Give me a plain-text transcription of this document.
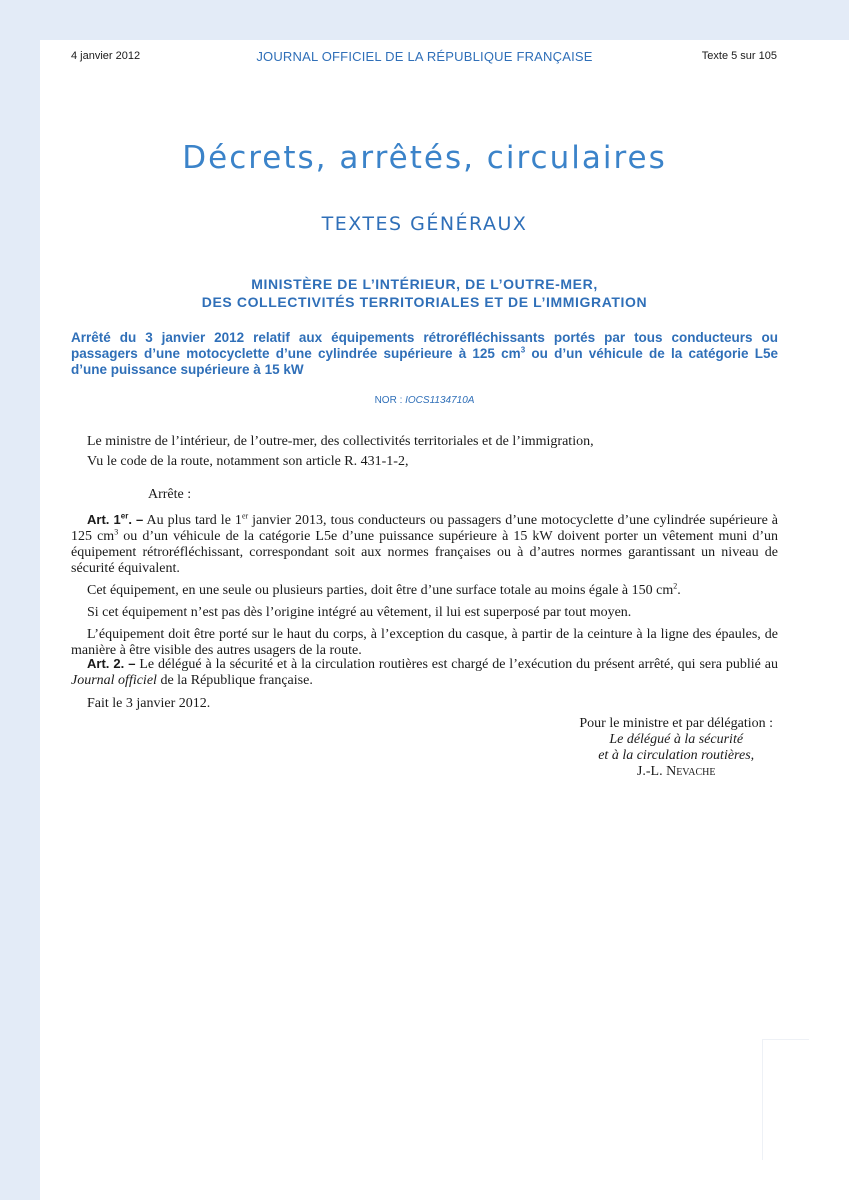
4 janvier 2012	JOURNAL OFFICIEL DE LA RÉPUBLIQUE FRANÇAISE	Texte 5 sur 105
Décrets, arrêtés, circulaires
TEXTES GÉNÉRAUX
MINISTÈRE DE L’INTÉRIEUR, DE L’OUTRE-MER,
DES COLLECTIVITÉS TERRITORIALES ET DE L’IMMIGRATION
Arrêté du 3 janvier 2012 relatif aux équipements rétroréfléchissants portés par tous conducteurs ou passagers d’une motocyclette d’une cylindrée supérieure à 125 $cm^3$ ou d’un véhicule de la catégorie L5e d’une puissance supérieure à 15 kW
NOR : IOCS1134710A

Le ministre de l’intérieur, de l’outre-mer, des collectivités territoriales et de l’immigration,

Vu le code de la route, notamment son article R. 431-1-2,

Arrête :

Art. 1er. – Au plus tard le 1er janvier 2013, tous conducteurs ou passagers d’une motocyclette d’une cylindrée supérieure à 125 $cm^3$ ou d’un véhicule de la catégorie L5e d’une puissance supérieure à 15 kW doivent porter un vêtement muni d’un équipement rétroréfléchissant, correspondant soit aux normes françaises ou à d’autres normes garantissant un niveau de sécurité équivalent.

Cet équipement, en une seule ou plusieurs parties, doit être d’une surface totale au moins égale à 150 $cm^2$.

Si cet équipement n’est pas dès l’origine intégré au vêtement, il lui est superposé par tout moyen.

L’équipement doit être porté sur le haut du corps, à l’exception du casque, à partir de la ceinture à la ligne des épaules, de manière à être visible des autres usagers de la route.

Art. 2. – Le délégué à la sécurité et à la circulation routières est chargé de l’exécution du présent arrêté, qui sera publié au Journal officiel de la République française.

Fait le 3 janvier 2012.

Pour le ministre et par délégation :
Le délégué à la sécurité
et à la circulation routières,
J.-L. Nevache
